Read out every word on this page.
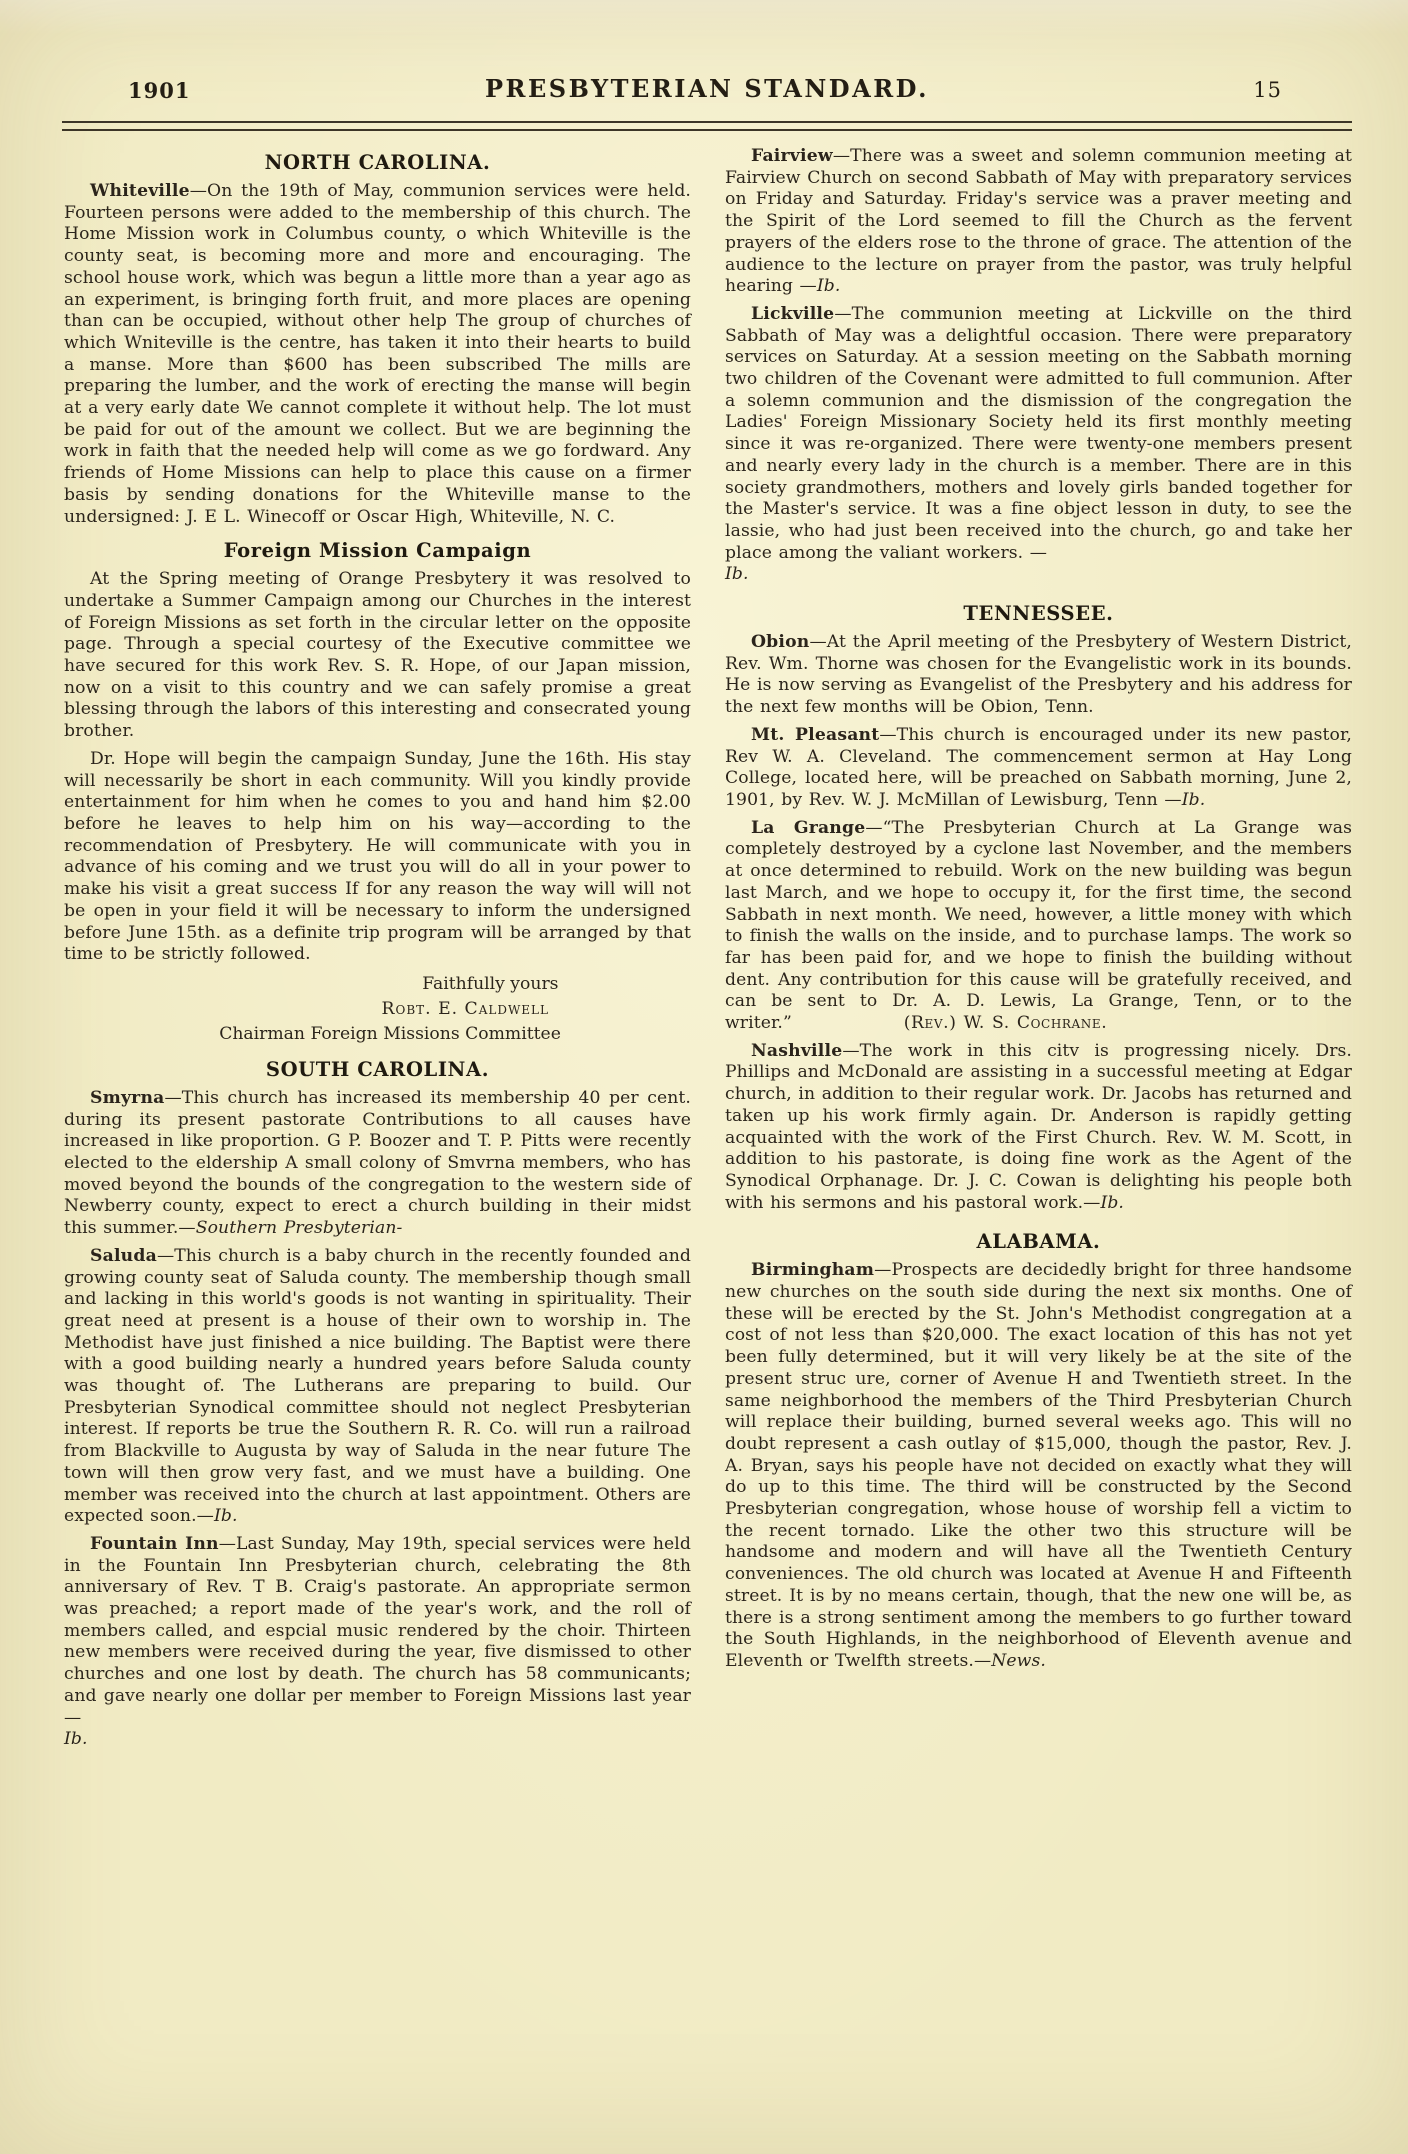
1901	PRESBYTERIAN STANDARD.	15
NORTH CAROLINA.

Whiteville—On the 19th of May, communion services were held. Fourteen persons were added to the membership of this church. The Home Mission work in Columbus county, o which Whiteville is the county seat, is becoming more and more and encouraging. The school house work, which was begun a little more than a year ago as an experiment, is bringing forth fruit, and more places are opening than can be occupied, without other help The group of churches of which Wniteville is the centre, has taken it into their hearts to build a manse. More than $600 has been subscribed The mills are preparing the lumber, and the work of erecting the manse will begin at a very early date We cannot complete it without help. The lot must be paid for out of the amount we collect. But we are beginning the work in faith that the needed help will come as we go fordward. Any friends of Home Missions can help to place this cause on a firmer basis by sending donations for the Whiteville manse to the undersigned: J. E L. Winecoff or Oscar High, Whiteville, N. C.

Foreign Mission Campaign

At the Spring meeting of Orange Presbytery it was resolved to undertake a Summer Campaign among our Churches in the interest of Foreign Missions as set forth in the circular letter on the opposite page. Through a special courtesy of the Executive committee we have secured for this work Rev. S. R. Hope, of our Japan mission, now on a visit to this country and we can safely promise a great blessing through the labors of this interesting and consecrated young brother.

Dr. Hope will begin the campaign Sunday, June the 16th. His stay will necessarily be short in each community. Will you kindly provide entertainment for him when he comes to you and hand him $2.00 before he leaves to help him on his way—according to the recommendation of Presbytery. He will communicate with you in advance of his coming and we trust you will do all in your power to make his visit a great success If for any reason the way will will not be open in your field it will be necessary to inform the undersigned before June 15th. as a definite trip program will be arranged by that time to be strictly followed.

Faithfully yours
Robt. E. Caldwell
Chairman Foreign Missions Committee
SOUTH CAROLINA.

Smyrna—This church has increased its membership 40 per cent. during its present pastorate Contributions to all causes have increased in like proportion. G P. Boozer and T. P. Pitts were recently elected to the eldership A small colony of Smvrna members, who has moved beyond the bounds of the congregation to the western side of Newberry county, expect to erect a church building in their midst this summer.—Southern Presbyterian-

Saluda—This church is a baby church in the recently founded and growing county seat of Saluda county. The membership though small and lacking in this world's goods is not wanting in spirituality. Their great need at present is a house of their own to worship in. The Methodist have just finished a nice building. The Baptist were there with a good building nearly a hundred years before Saluda county was thought of. The Lutherans are preparing to build. Our Presbyterian Synodical committee should not neglect Presbyterian interest. If reports be true the Southern R. R. Co. will run a railroad from Blackville to Augusta by way of Saluda in the near future The town will then grow very fast, and we must have a building. One member was received into the church at last appointment. Others are expected soon.—Ib.

Fountain Inn—Last Sunday, May 19th, special services were held in the Fountain Inn Presbyterian church, celebrating the 8th anniversary of Rev. T B. Craig's pastorate. An appropriate sermon was preached; a report made of the year's work, and the roll of members called, and espcial music rendered by the choir. Thirteen new members were received during the year, five dismissed to other churches and one lost by death. The church has 58 communicants; and gave nearly one dollar per member to Foreign Missions last year —
Ib.

Fairview—There was a sweet and solemn communion meeting at Fairview Church on second Sabbath of May with preparatory services on Friday and Saturday. Friday's service was a praver meeting and the Spirit of the Lord seemed to fill the Church as the fervent prayers of the elders rose to the throne of grace. The attention of the audience to the lecture on prayer from the pastor, was truly helpful hearing —Ib.

Lickville—The communion meeting at Lickville on the third Sabbath of May was a delightful occasion. There were preparatory services on Saturday. At a session meeting on the Sabbath morning two children of the Covenant were admitted to full communion. After a solemn communion and the dismission of the congregation the Ladies' Foreign Missionary Society held its first monthly meeting since it was re-organized. There were twenty-one members present and nearly every lady in the church is a member. There are in this society grandmothers, mothers and lovely girls banded together for the Master's service. It was a fine object lesson in duty, to see the lassie, who had just been received into the church, go and take her place among the valiant workers. —
Ib.

TENNESSEE.

Obion—At the April meeting of the Presbytery of Western District, Rev. Wm. Thorne was chosen for the Evangelistic work in its bounds. He is now serving as Evangelist of the Presbytery and his address for the next few months will be Obion, Tenn.

Mt. Pleasant—This church is encouraged under its new pastor, Rev W. A. Cleveland. The commencement sermon at Hay Long College, located here, will be preached on Sabbath morning, June 2, 1901, by Rev. W. J. McMillan of Lewisburg, Tenn —Ib.

La Grange—“The Presbyterian Church at La Grange was completely destroyed by a cyclone last November, and the members at once determined to rebuild. Work on the new building was begun last March, and we hope to occupy it, for the first time, the second Sabbath in next month. We need, however, a little money with which to finish the walls on the inside, and to purchase lamps. The work so far has been paid for, and we hope to finish the building without dent. Any contribution for this cause will be gratefully received, and can be sent to Dr. A. D. Lewis, La Grange, Tenn, or to the writer.”	(Rev.) W. S. Cochrane.

Nashville—The work in this citv is progressing nicely. Drs. Phillips and McDonald are assisting in a successful meeting at Edgar church, in addition to their regular work. Dr. Jacobs has returned and taken up his work firmly again. Dr. Anderson is rapidly getting acquainted with the work of the First Church. Rev. W. M. Scott, in addition to his pastorate, is doing fine work as the Agent of the Synodical Orphanage. Dr. J. C. Cowan is delighting his people both with his sermons and his pastoral work.—Ib.

ALABAMA.

Birmingham—Prospects are decidedly bright for three handsome new churches on the south side during the next six months. One of these will be erected by the St. John's Methodist congregation at a cost of not less than $20,000. The exact location of this has not yet been fully determined, but it will very likely be at the site of the present struc ure, corner of Avenue H and Twentieth street. In the same neighborhood the members of the Third Presbyterian Church will replace their building, burned several weeks ago. This will no doubt represent a cash outlay of $15,000, though the pastor, Rev. J. A. Bryan, says his people have not decided on exactly what they will do up to this time. The third will be constructed by the Second Presbyterian congregation, whose house of worship fell a victim to the recent tornado. Like the other two this structure will be handsome and modern and will have all the Twentieth Century conveniences. The old church was located at Avenue H and Fifteenth street. It is by no means certain, though, that the new one will be, as there is a strong sentiment among the members to go further toward the South Highlands, in the neighborhood of Eleventh avenue and Eleventh or Twelfth streets.—News.
